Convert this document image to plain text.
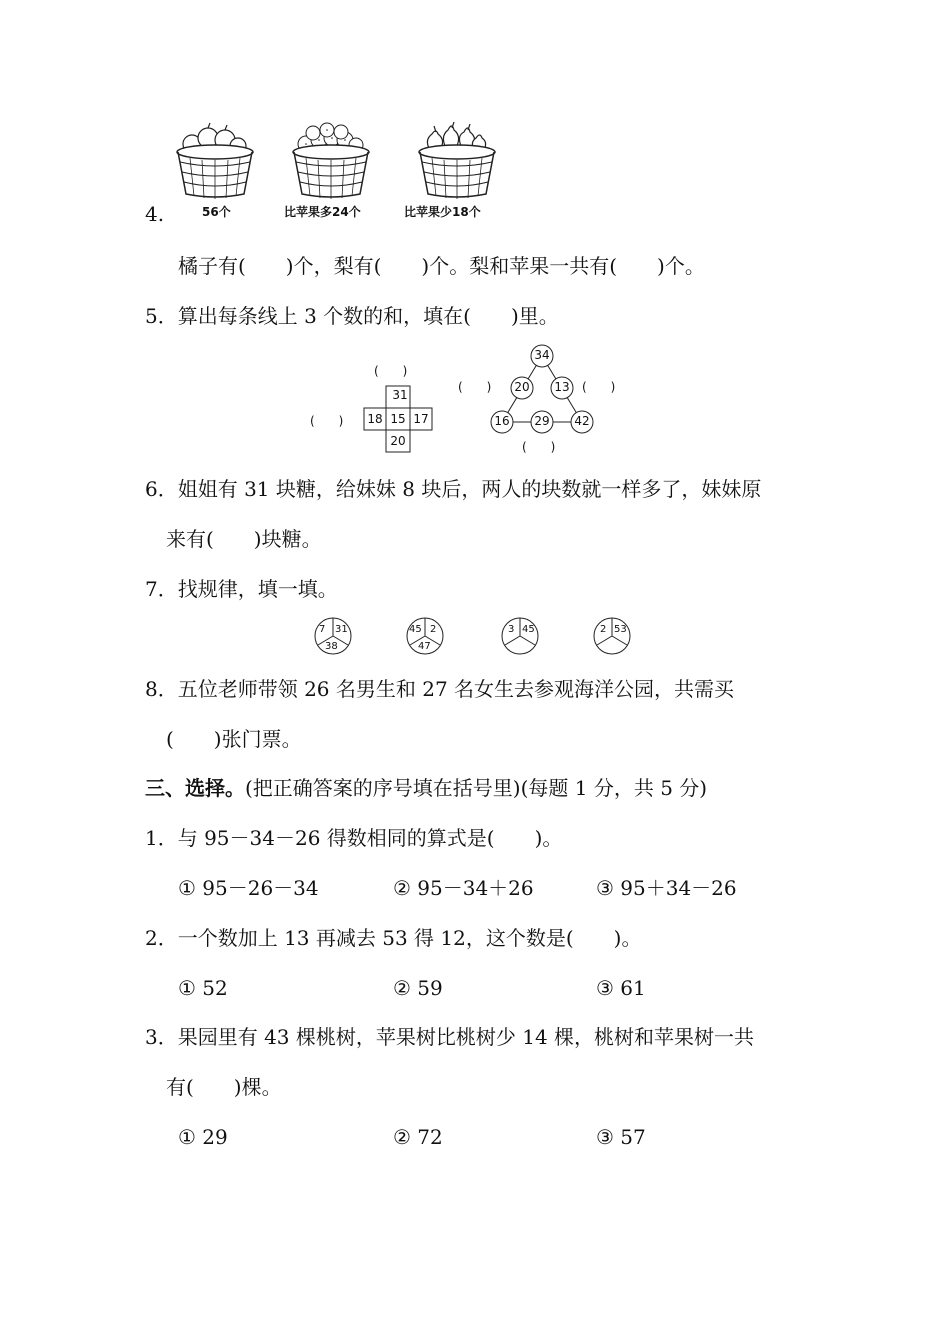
4.	56个	比苹果多24个	比苹果少18个
橘子有(　　)个，梨有(　　)个。梨和苹果一共有(　　)个。
5．算出每条线上 3 个数的和，填在(　　)里。
(　　)
(　　)
31
18 15 17
20
34
20	13
16	29	42
(　　)	(　　)
(　　)
6．姐姐有 31 块糖，给妹妹 8 块后，两人的块数就一样多了，妹妹原
来有(　　)块糖。
7．找规律，填一填。
7 31
38
45 2
47
3 45	2 53
8．五位老师带领 26 名男生和 27 名女生去参观海洋公园，共需买
(　　)张门票。
三、选择。(把正确答案的序号填在括号里)(每题 1 分，共 5 分)
1．与 95－34－26 得数相同的算式是(　　)。
① 95－26－34	② 95－34＋26	③ 95＋34－26
2．一个数加上 13 再减去 53 得 12，这个数是(　　)。
① 52	② 59	③ 61
3．果园里有 43 棵桃树，苹果树比桃树少 14 棵，桃树和苹果树一共
有(　　)棵。
① 29	② 72	③ 57
